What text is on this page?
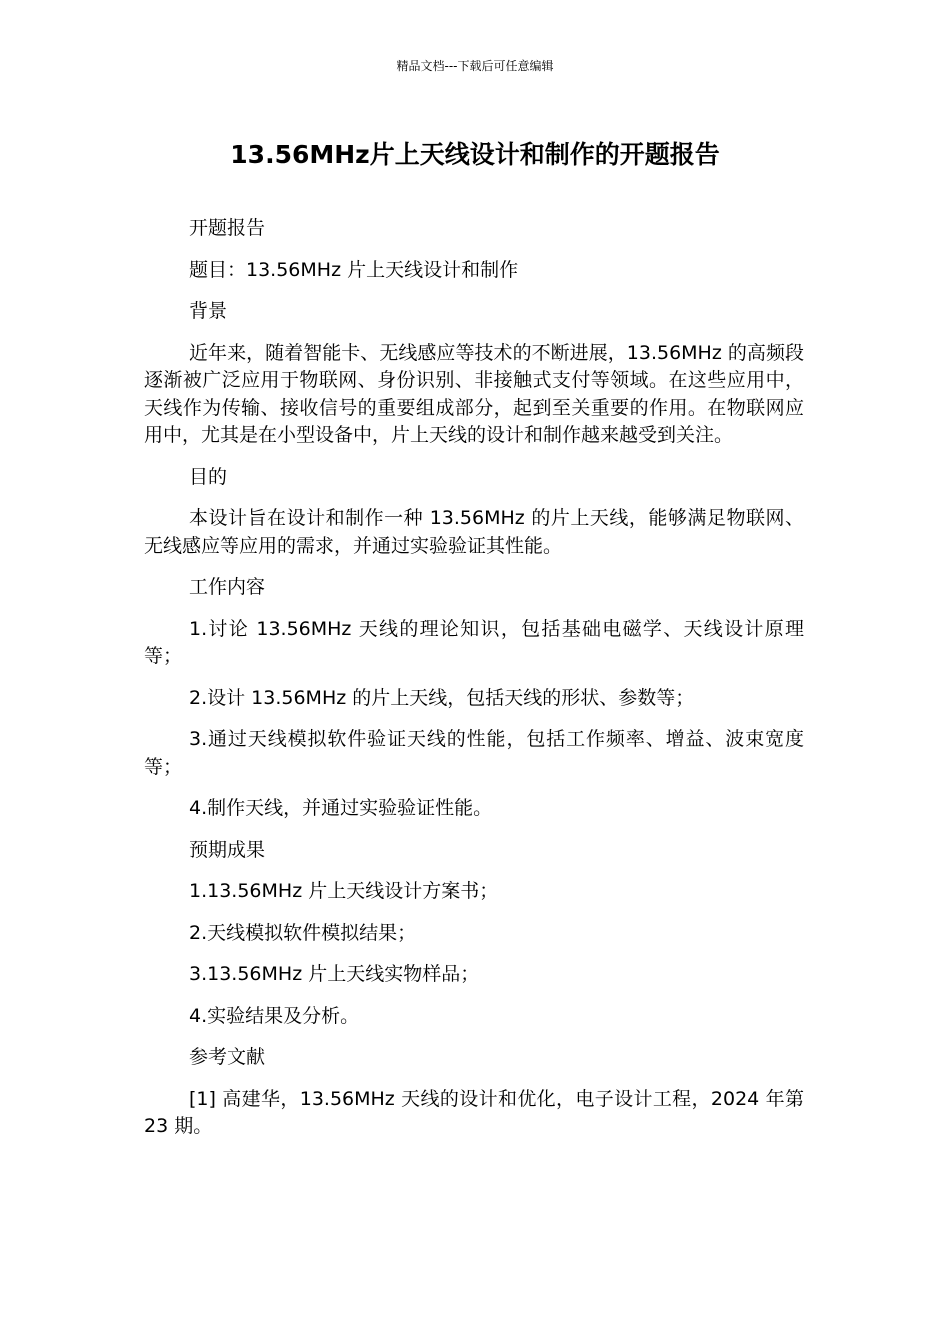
精品文档---下载后可任意编辑
13.56MHz片上天线设计和制作的开题报告

开题报告

题目：13.56MHz 片上天线设计和制作

背景

近年来，随着智能卡、无线感应等技术的不断进展，13.56MHz 的高频段逐渐被广泛应用于物联网、身份识别、非接触式支付等领域。在这些应用中，天线作为传输、接收信号的重要组成部分，起到至关重要的作用。在物联网应用中，尤其是在小型设备中，片上天线的设计和制作越来越受到关注。

目的

本设计旨在设计和制作一种 13.56MHz 的片上天线，能够满足物联网、无线感应等应用的需求，并通过实验验证其性能。

工作内容

1.讨论 13.56MHz 天线的理论知识，包括基础电磁学、天线设计原理等；

2.设计 13.56MHz 的片上天线，包括天线的形状、参数等；

3.通过天线模拟软件验证天线的性能，包括工作频率、增益、波束宽度等；

4.制作天线，并通过实验验证性能。

预期成果

1.13.56MHz 片上天线设计方案书；

2.天线模拟软件模拟结果；

3.13.56MHz 片上天线实物样品；

4.实验结果及分析。

参考文献

[1] 高建华，13.56MHz 天线的设计和优化，电子设计工程，2024 年第 23 期。
